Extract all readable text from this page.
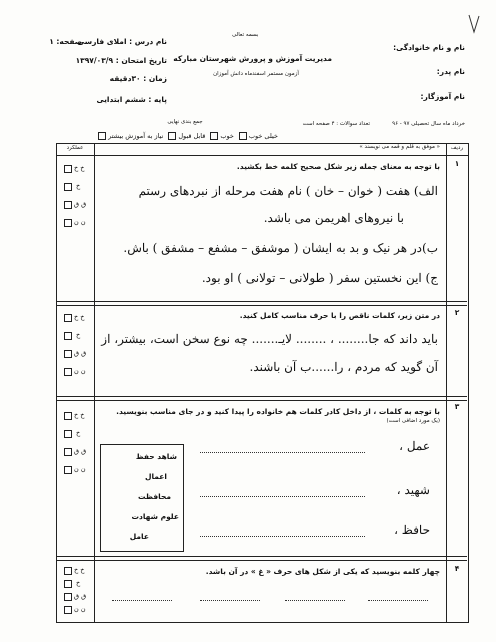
نام و نام خانوادگی:
نام پدر:
نام آموزگار:
بسمه تعالی
مدیریت آموزش و پرورش شهرستان مبارکه
آزمون مستمر اسفندماه دانش آموزان
نام درس : املای فارسی
صفحه: ۱
تاریخ امتحان : ۱۳۹۷/۰۳/۹
زمان : ۳۰دقیقه
پایه : ششم ابتدایی
خرداد ماه سال تحصیلی ۹۷ - ۹۶
تعداد سوالات : ۴ صفحه است
جمع بندی نهایی
خیلی خوب
خوب
قابل قبول
نیاز به آموزش بیشتر
ردیف
عملکرد	« موفق به قلم و قمه می نویسند »
خ خ
خ
ق ق
ن ن
خ خ
خ
ق ق
ن ن
خ خ
خ
ق ق
ن ن
خ خ
خ
ق ق
ن ن
۱
با توجه به معنای جمله زیر شکل صحیح کلمه خط بکشید.
الف) هفت ( خوان – خان ) نام هفت مرحله از نبردهای رستم
با نیروهای اهریمن می باشد.
ب)در هر نیک و بد به ایشان ( موشفق – مشفع – مشفق ) باش.
ج) این نخستین سفر ( طولانی – تولانی ) او بود.
۲
در متن زیر، کلمات ناقص را با حرف مناسب کامل کنید.
باید داند که جا........ ، ........ لایـ....... چه نوع سخن است، بیشتر، از
آن گوید که مردم ، را......ب آن باشند.
۳
با توجه به کلمات ، از داخل کادر کلمات هم خانواده را پیدا کنید و در جای مناسب بنویسید.
(یک مورد اضافی است)
شاهد حفظ
اعمال
محافظت
علوم شهادت
عامل
عمل ،
شهید ،
حافظ ،
۴
چهار کلمه بنویسید که یکی از شکل های حرف « غ » در آن باشد.
